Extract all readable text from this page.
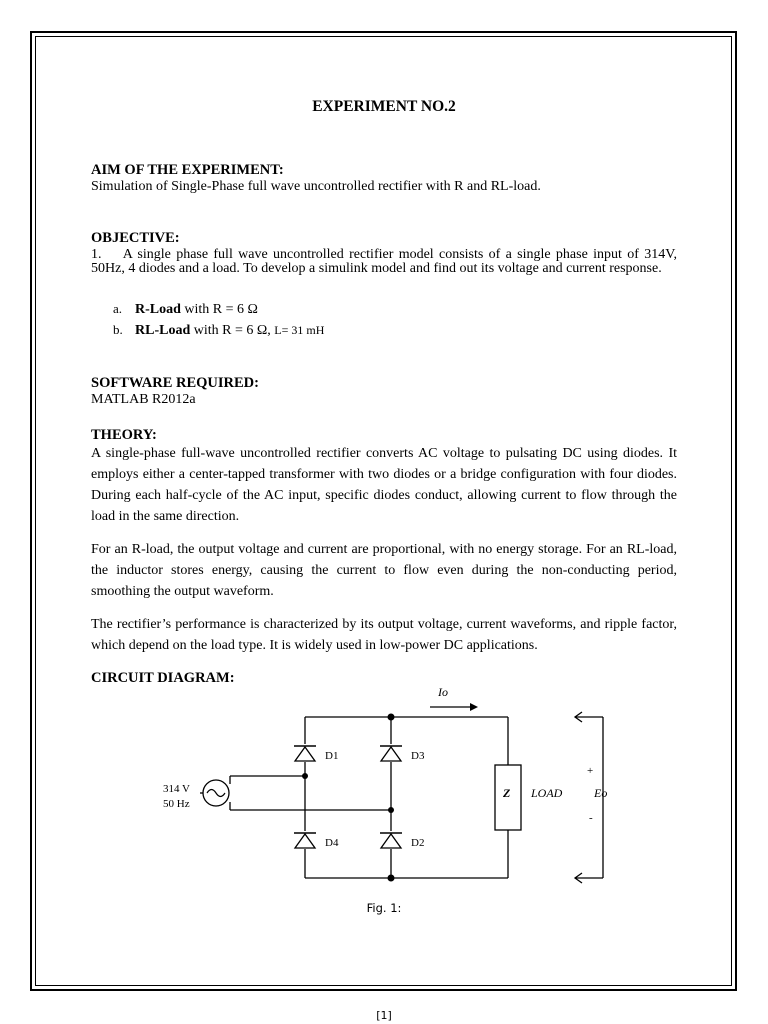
EXPERIMENT NO.2
AIM OF THE EXPERIMENT:
Simulation of Single-Phase full wave uncontrolled rectifier with R and RL-load.
OBJECTIVE:
1. A single phase full wave uncontrolled rectifier model consists of a single phase input of 314V, 50Hz, 4 diodes and a load. To develop a simulink model and find out its voltage and current response.
a. R-Load with R = 6 Ω
b. RL-Load with R = 6 Ω, L= 31 mH
SOFTWARE REQUIRED:
MATLAB R2012a
THEORY:
A single-phase full-wave uncontrolled rectifier converts AC voltage to pulsating DC using diodes. It employs either a center-tapped transformer with two diodes or a bridge configuration with four diodes. During each half-cycle of the AC input, specific diodes conduct, allowing current to flow through the load in the same direction.
For an R-load, the output voltage and current are proportional, with no energy storage. For an RL-load, the inductor stores energy, causing the current to flow even during the non-conducting period, smoothing the output waveform.
The rectifier’s performance is characterized by its output voltage, current waveforms, and ripple factor, which depend on the load type. It is widely used in low-power DC applications.
CIRCUIT DIAGRAM:
Io
314 V
50 Hz
D1	D3
D4	D2
Z LOAD	Eo
+
-
Fig. 1:
[1]
